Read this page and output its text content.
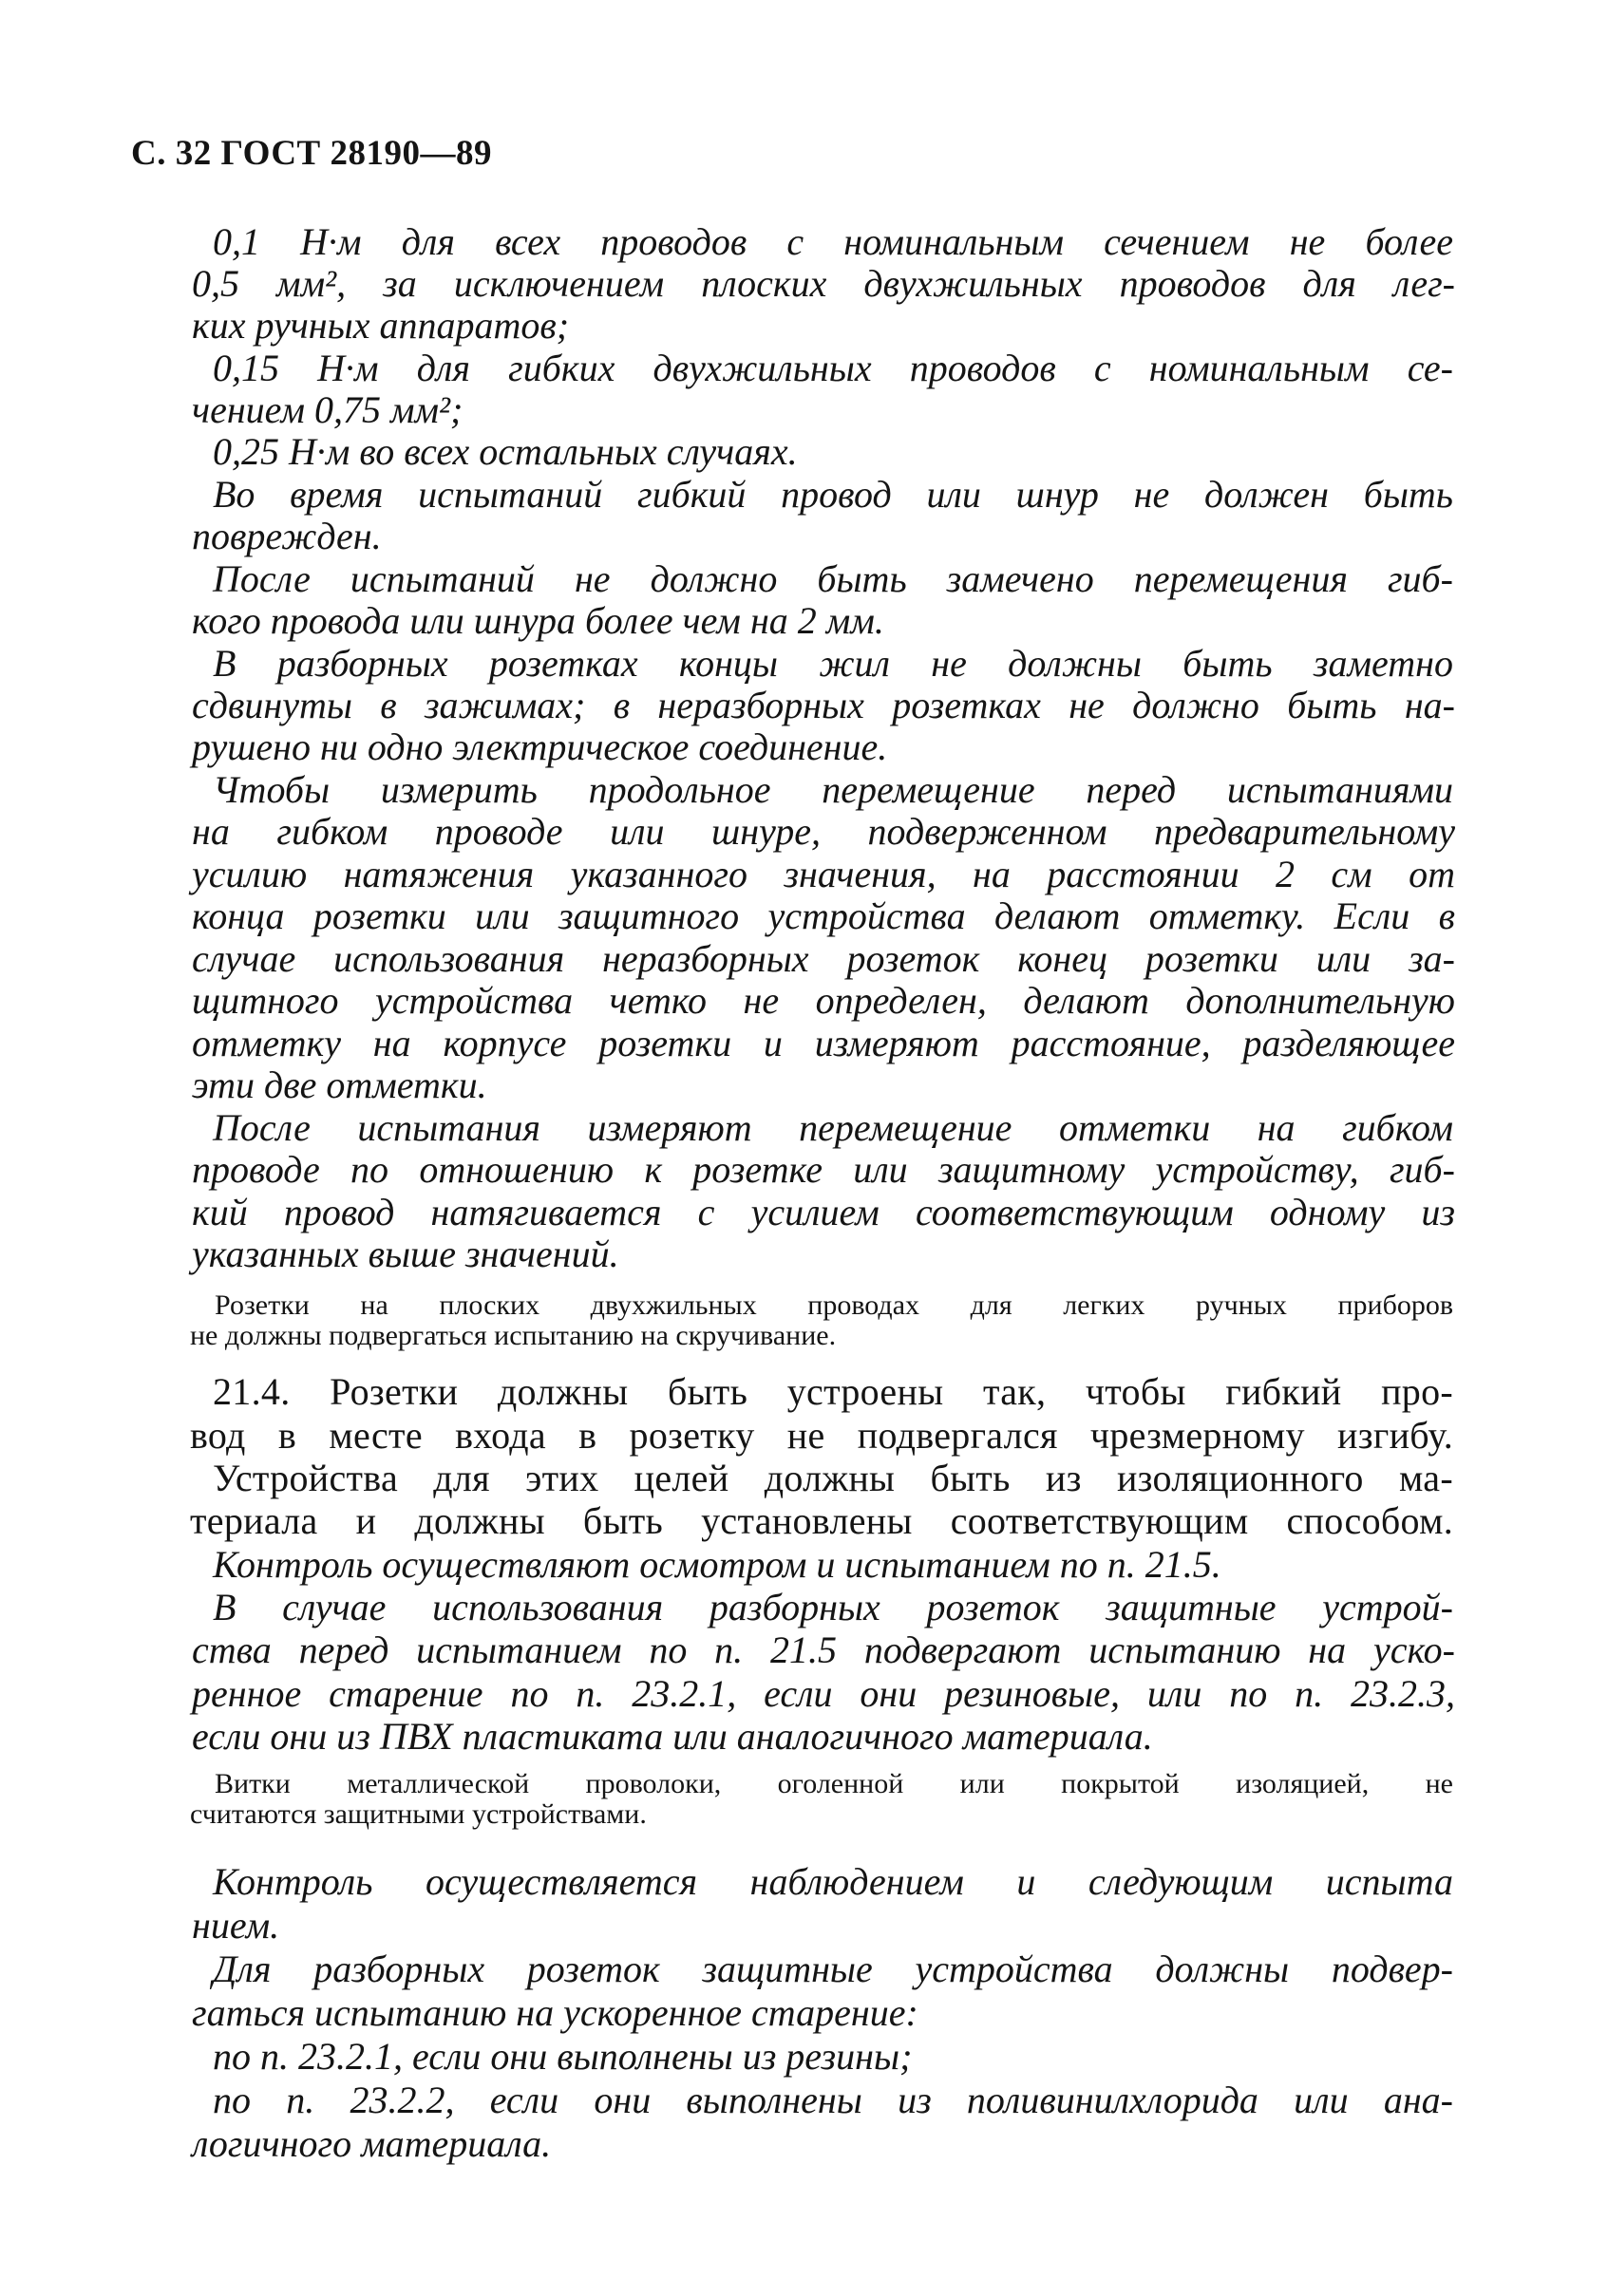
С. 32 ГОСТ 28190—89
0,1 Н·м для всех проводов с номинальным сечением не более
0,5 мм², за исключением плоских двухжильных проводов для лег-
ких ручных аппаратов;
0,15 Н·м для гибких двухжильных проводов с номинальным се-
чением 0,75 мм²;
0,25 Н·м во всех остальных случаях.
Во время испытаний гибкий провод или шнур не должен быть
поврежден.
После испытаний не должно быть замечено перемещения гиб-
кого провода или шнура более чем на 2 мм.
В разборных розетках концы жил не должны быть заметно
сдвинуты в зажимах; в неразборных розетках не должно быть на-
рушено ни одно электрическое соединение.
Чтобы измерить продольное перемещение перед испытаниями
на гибком проводе или шнуре, подверженном предварительному
усилию натяжения указанного значения, на расстоянии 2 см от
конца розетки или защитного устройства делают отметку. Если в
случае использования неразборных розеток конец розетки или за-
щитного устройства четко не определен, делают дополнительную
отметку на корпусе розетки и измеряют расстояние, разделяющее
эти две отметки.
После испытания измеряют перемещение отметки на гибком
проводе по отношению к розетке или защитному устройству, гиб-
кий провод натягивается с усилием соответствующим одному из
указанных выше значений.
Розетки на плоских двухжильных проводах для легких ручных приборов
не должны подвергаться испытанию на скручивание.
21.4. Розетки должны быть устроены так, чтобы гибкий про-
вод в месте входа в розетку не подвергался чрезмерному изгибу.
Устройства для этих целей должны быть из изоляционного ма-
териала и должны быть установлены соответствующим способом.
Контроль осуществляют осмотром и испытанием по п. 21.5.
В случае использования разборных розеток защитные устрой-
ства перед испытанием по п. 21.5 подвергают испытанию на уско-
ренное старение по п. 23.2.1, если они резиновые, или по п. 23.2.3,
если они из ПВХ пластиката или аналогичного материала.
Витки металлической проволоки, оголенной или покрытой изоляцией, не
считаются защитными устройствами.
Контроль осуществляется наблюдением и следующим испыта
нием.
Для разборных розеток защитные устройства должны подвер-
гаться испытанию на ускоренное старение:
по п. 23.2.1, если они выполнены из резины;
по п. 23.2.2, если они выполнены из поливинилхлорида или ана-
логичного материала.
